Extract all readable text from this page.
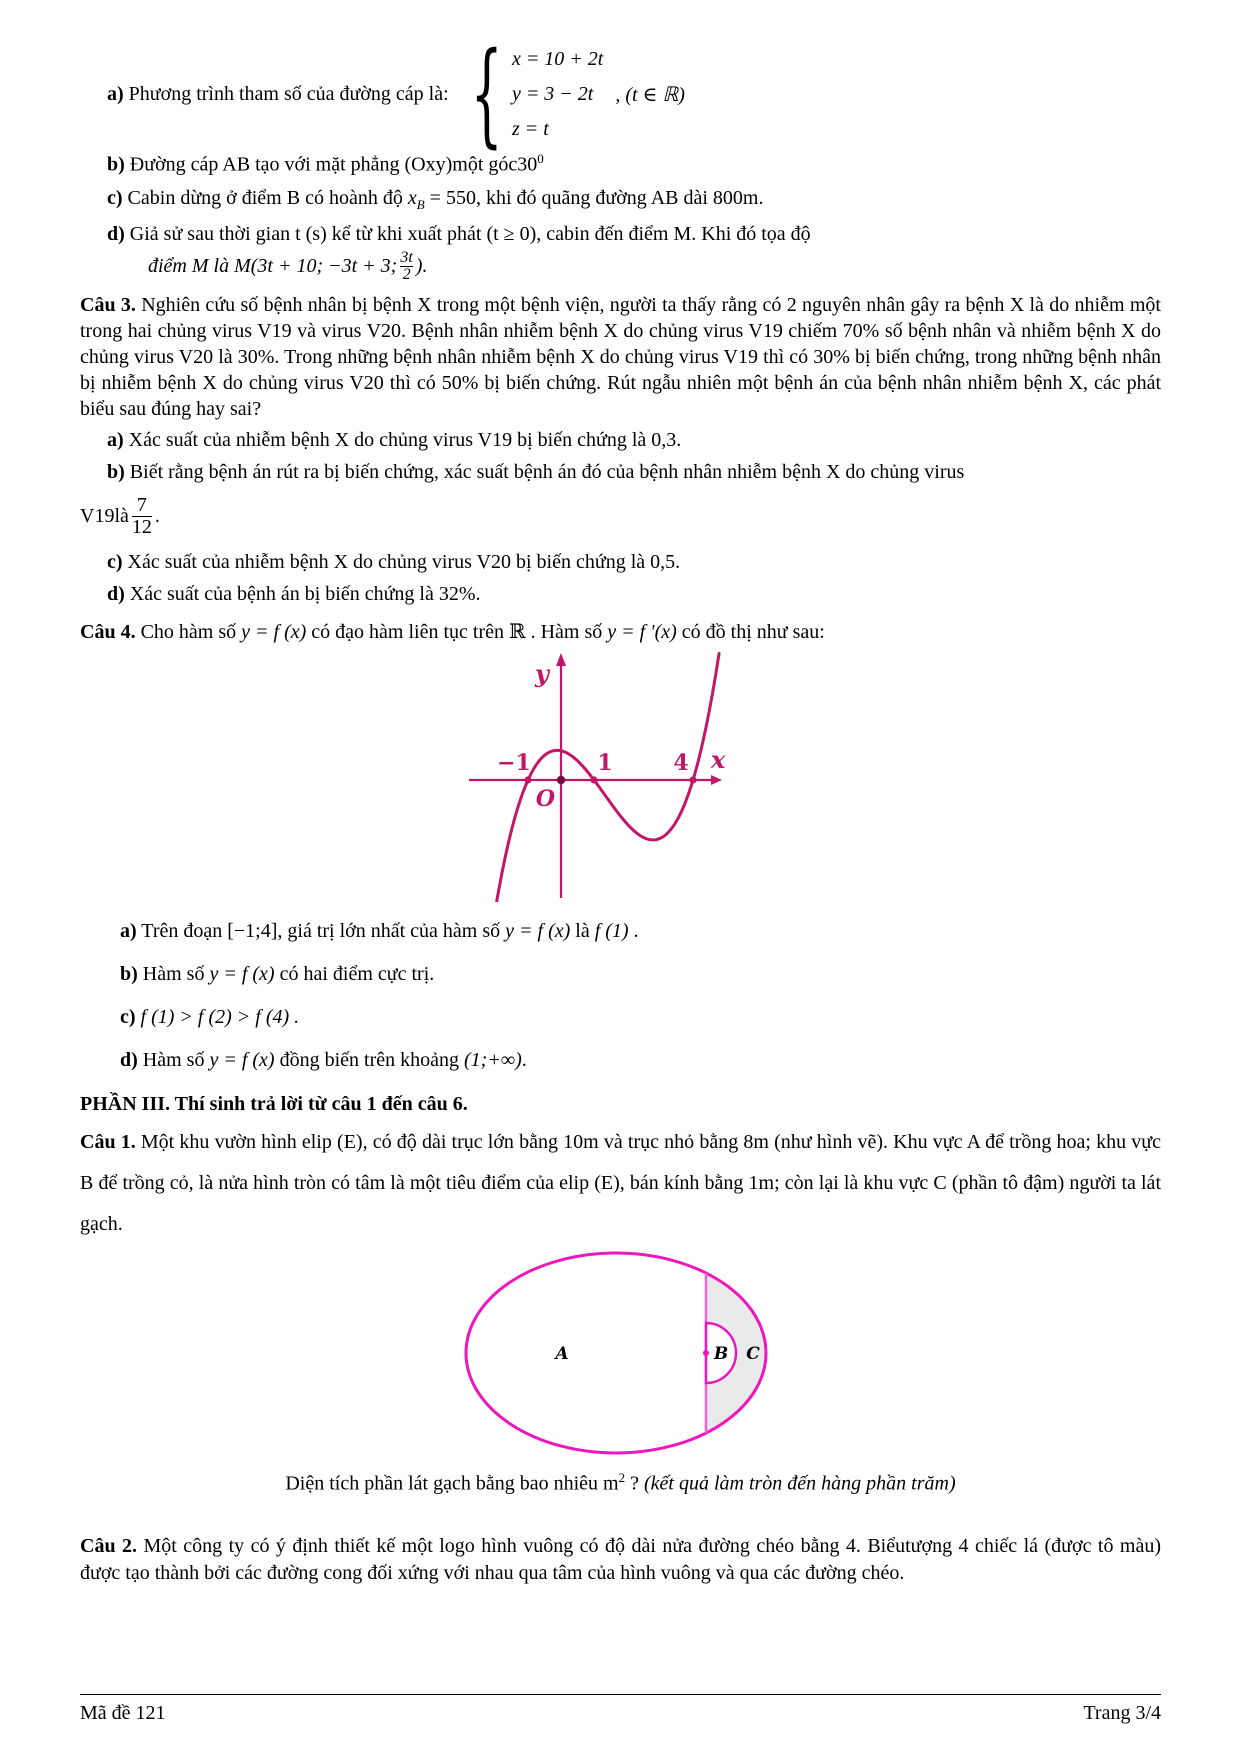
a) Phương trình tham số của đường cáp là: { x = 10 + 2t
y = 3 − 2t
z = t
, (t ∈ ℝ)

b) Đường cáp AB tạo với mặt phẳng (Oxy)một $góc30^0$

c) Cabin dừng ở điểm B có hoành độ $x_B = 550$, khi đó quãng đường AB dài 800m.

d) Giả sử sau thời gian t (s) kể từ khi xuất phát (t ≥ 0), cabin đến điểm M. Khi đó tọa độ

điểm M là M(3t + 10; −3t + 3; $\frac{3t}{2}$ ).

Câu 3. Nghiên cứu số bệnh nhân bị bệnh X trong một bệnh viện, người ta thấy rằng có 2 nguyên nhân gây ra bệnh X là do nhiễm một trong hai chủng virus V19 và virus V20. Bệnh nhân nhiễm bệnh X do chủng virus V19 chiếm 70% số bệnh nhân và nhiễm bệnh X do chủng virus V20 là 30%. Trong những bệnh nhân nhiễm bệnh X do chủng virus V19 thì có 30% bị biến chứng, trong những bệnh nhân bị nhiễm bệnh X do chủng virus V20 thì có 50% bị biến chứng. Rút ngẫu nhiên một bệnh án của bệnh nhân nhiễm bệnh X, các phát biểu sau đúng hay sai?

a) Xác suất của nhiễm bệnh X do chủng virus V19 bị biến chứng là 0,3.

b) Biết rằng bệnh án rút ra bị biến chứng, xác suất bệnh án đó của bệnh nhân nhiễm bệnh X do chủng virus

V19là $\frac{7}{12}$ .

c) Xác suất của nhiễm bệnh X do chủng virus V20 bị biến chứng là 0,5.

d) Xác suất của bệnh án bị biến chứng là 32%.

Câu 4. Cho hàm số y = f (x) có đạo hàm liên tục trên ℝ . Hàm số y = f ′(x) có đồ thị như sau:

y
x
O
−1	1	4

a) Trên đoạn [−1;4], giá trị lớn nhất của hàm số y = f (x) là f (1) .

b) Hàm số y = f (x) có hai điểm cực trị.

c) f (1) > f (2) > f (4) .

d) Hàm số y = f (x) đồng biến trên khoảng (1;+∞).

PHẦN III. Thí sinh trả lời từ câu 1 đến câu 6.

Câu 1. Một khu vườn hình elip (E), có độ dài trục lớn bằng 10m và trục nhỏ bằng 8m (như hình vẽ). Khu vực A để trồng hoa; khu vực B để trồng cỏ, là nửa hình tròn có tâm là một tiêu điểm của elip (E), bán kính bằng 1m; còn lại là khu vực C (phần tô đậm) người ta lát gạch.

A	B C

Diện tích phần lát gạch bằng bao nhiêu $m^2$ ? (kết quả làm tròn đến hàng phần trăm)

Câu 2. Một công ty có ý định thiết kế một logo hình vuông có độ dài nửa đường chéo bằng 4. Biểutượng 4 chiếc lá (được tô màu) được tạo thành bởi các đường cong đối xứng với nhau qua tâm của hình vuông và qua các đường chéo.

Mã đề 121	Trang 3/4
